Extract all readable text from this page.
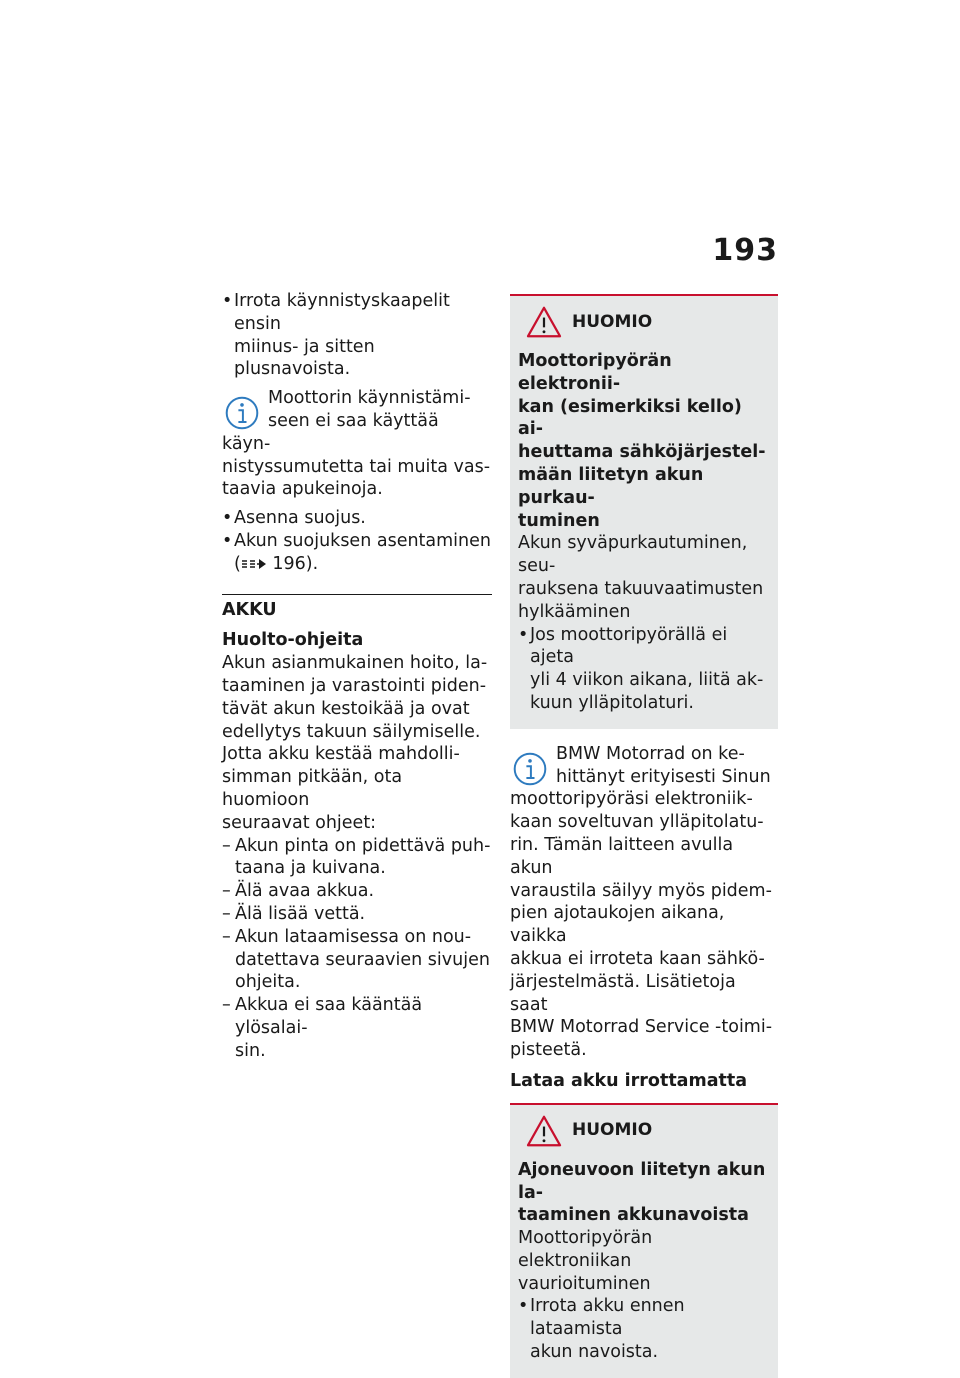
193

• Irrota käynnistyskaapelit ensin
miinus- ja sitten plusnavoista.

Moottorin käynnistämi-
seen ei saa käyttää käyn-
nistyssumutetta tai muita vas-
taavia apukeinoja.

• Asenna suojus.

• Akun suojuksen asentaminen
( 196).

AKKU

Huolto-ohjeita

Akun asianmukainen hoito, la-
taaminen ja varastointi piden-
tävät akun kestoikää ja ovat
edellytys takuun säilymiselle.
Jotta akku kestää mahdolli-
simman pitkään, ota huomioon
seuraavat ohjeet:

– Akun pinta on pidettävä puh-
taana ja kuivana.

– Älä avaa akkua.

– Älä lisää vettä.

– Akun lataamisessa on nou-
datettava seuraavien sivujen
ohjeita.

– Akkua ei saa kääntää ylösalai-
sin.

HUOMIO

Moottoripyörän elektronii-
kan (esimerkiksi kello) ai-
heuttama sähköjärjestel-
mään liitetyn akun purkau-
tuminen

Akun syväpurkautuminen, seu-
rauksena takuuvaatimusten
hylkääminen

• Jos moottoripyörällä ei ajeta
yli 4 viikon aikana, liitä ak-
kuun ylläpitolaturi.

BMW Motorrad on ke-
hittänyt erityisesti Sinun
moottoripyöräsi elektroniik-
kaan soveltuvan ylläpitolatu-
rin. Tämän laitteen avulla akun
varaustila säilyy myös pidem-
pien ajotaukojen aikana, vaikka
akkua ei irroteta kaan sähkö-
järjestelmästä. Lisätietoja saat
BMW Motorrad Service -toimi-
pisteetä.

Lataa akku irrottamatta

HUOMIO

Ajoneuvoon liitetyn akun la-
taaminen akkunavoista

Moottoripyörän elektroniikan
vaurioituminen

• Irrota akku ennen lataamista
akun navoista.
